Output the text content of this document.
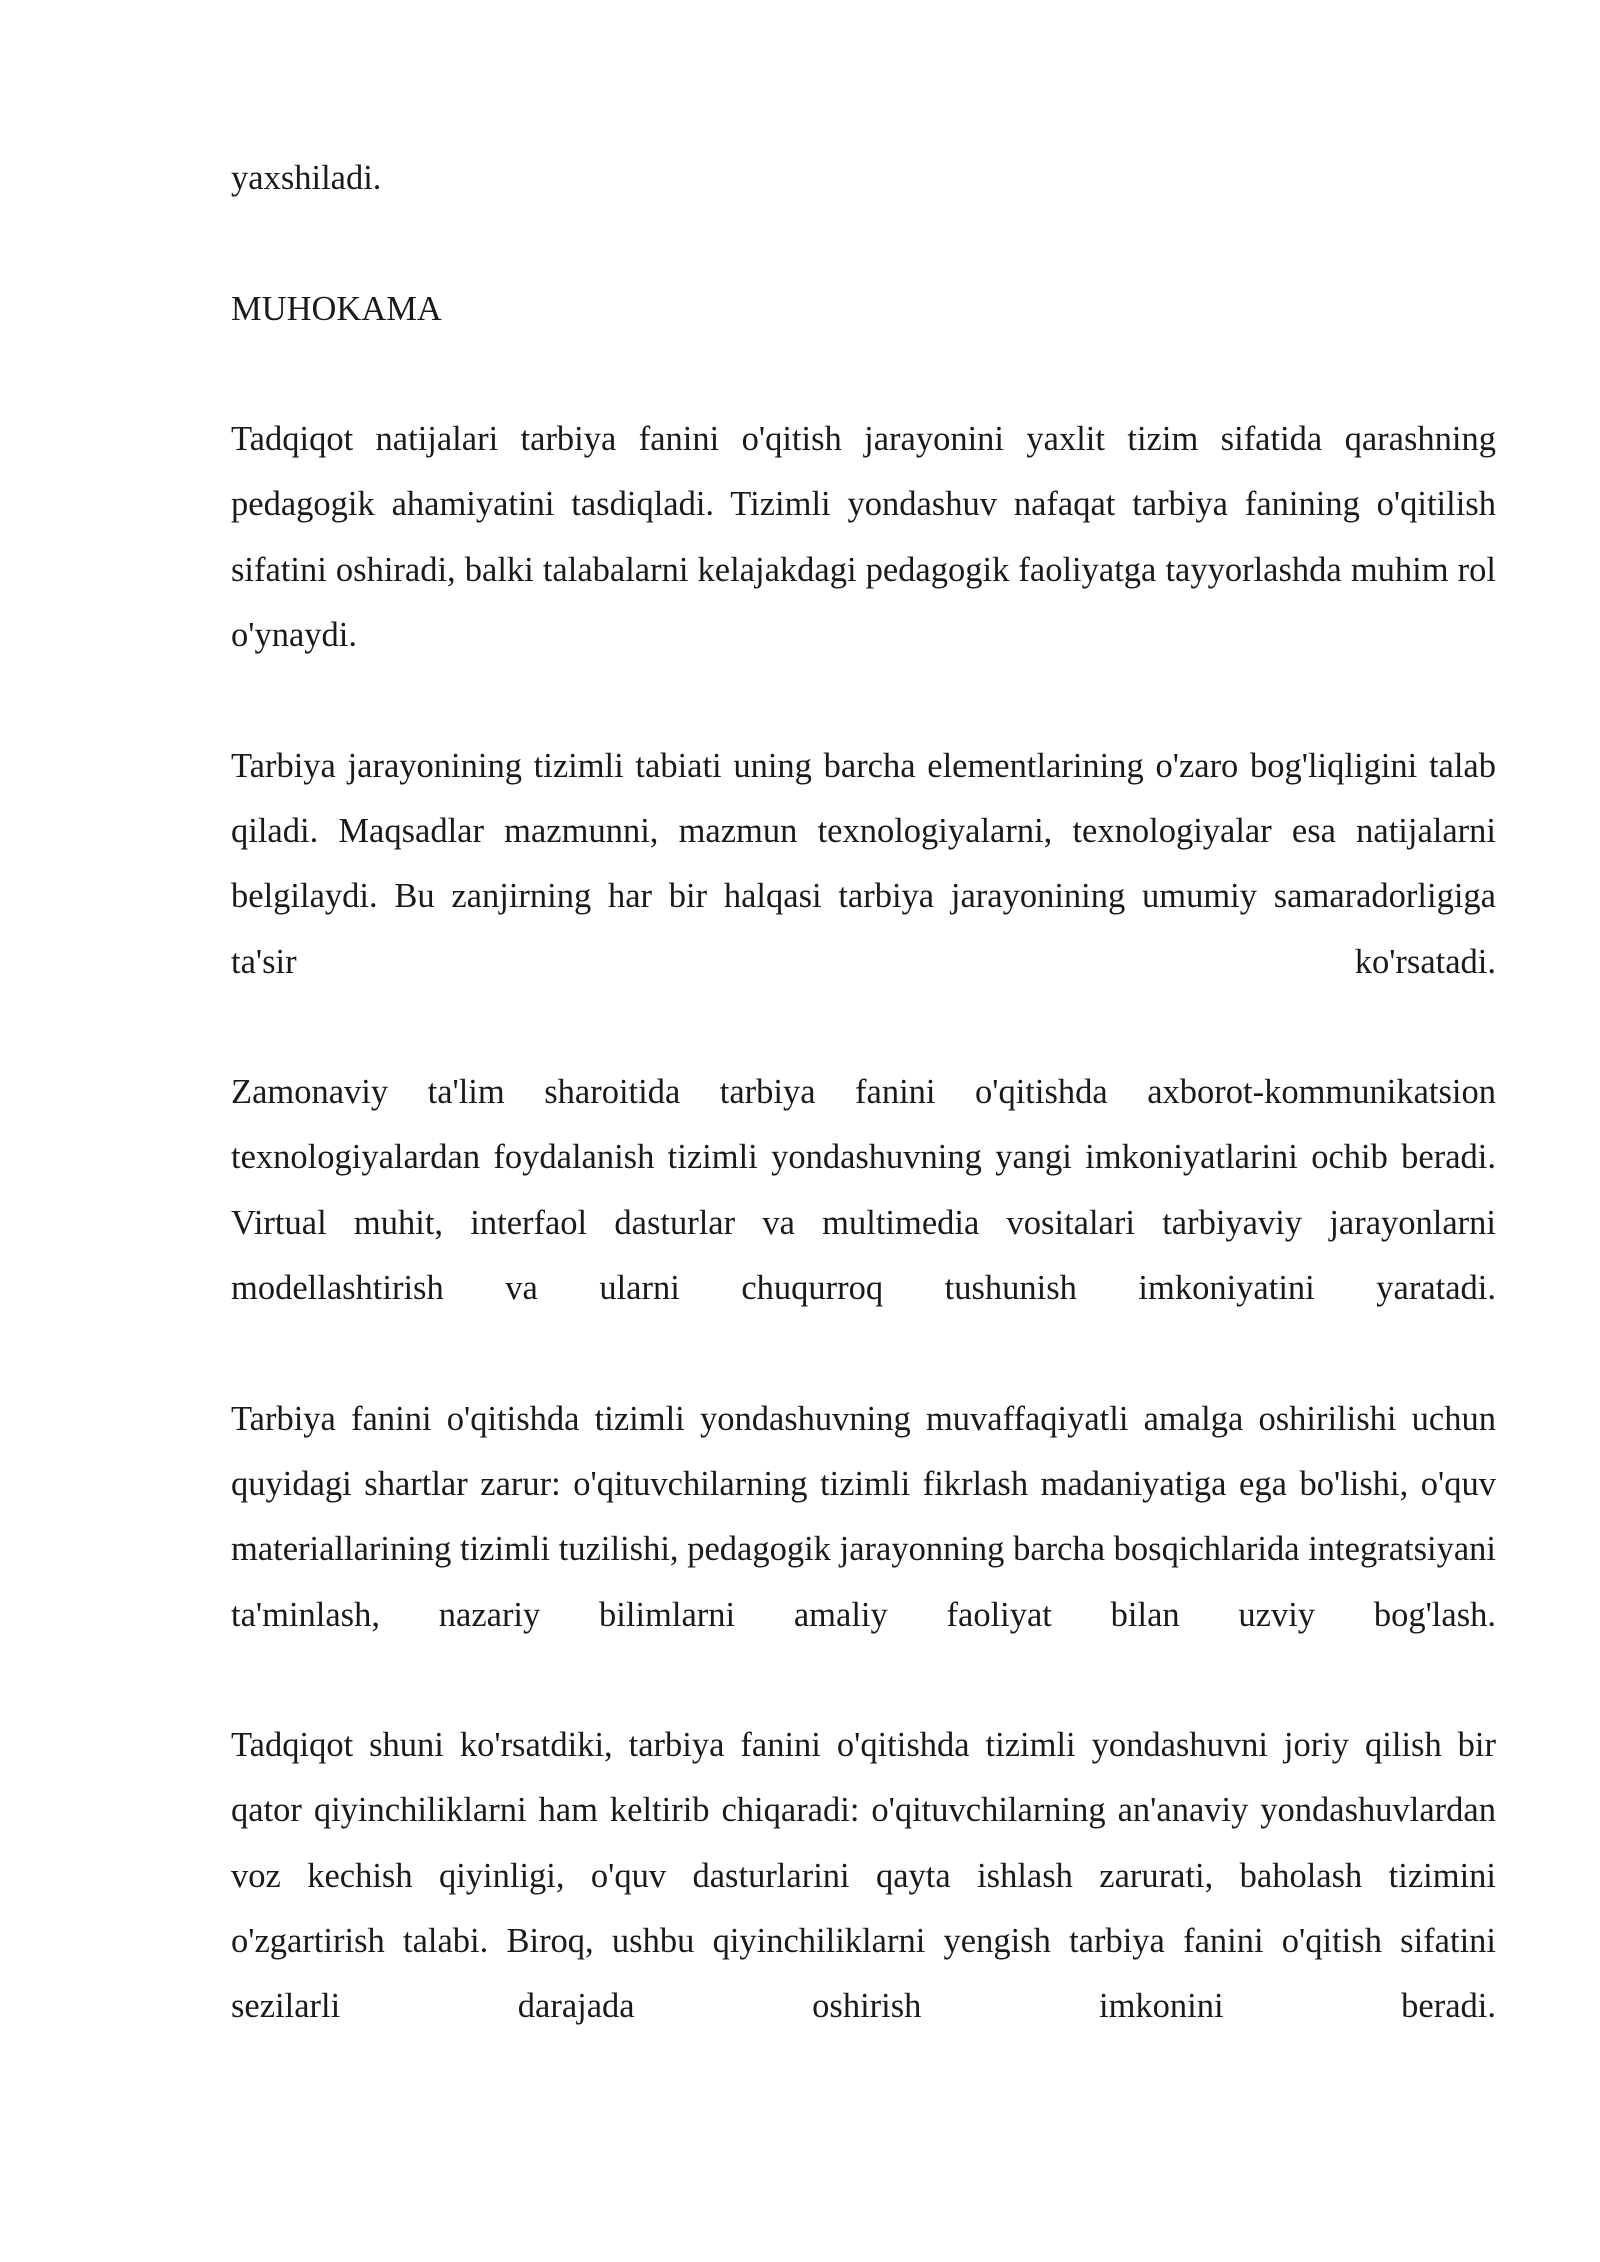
yaxshiladi.

MUHOKAMA

Tadqiqot natijalari tarbiya fanini o'qitish jarayonini yaxlit tizim sifatida qarashning pedagogik ahamiyatini tasdiqladi. Tizimli yondashuv nafaqat tarbiya fanining o'qitilish sifatini oshiradi, balki talabalarni kelajakdagi pedagogik faoliyatga tayyorlashda muhim rol o'ynaydi.

Tarbiya jarayonining tizimli tabiati uning barcha elementlarining o'zaro bog'liqligini talab qiladi. Maqsadlar mazmunni, mazmun texnologiyalarni, texnologiyalar esa natijalarni belgilaydi. Bu zanjirning har bir halqasi tarbiya jarayonining umumiy samaradorligiga ta'sir ko'rsatadi.

Zamonaviy ta'lim sharoitida tarbiya fanini o'qitishda axborot-kommunikatsion texnologiyalardan foydalanish tizimli yondashuvning yangi imkoniyatlarini ochib beradi. Virtual muhit, interfaol dasturlar va multimedia vositalari tarbiyaviy jarayonlarni modellashtirish va ularni chuqurroq tushunish imkoniyatini yaratadi.

Tarbiya fanini o'qitishda tizimli yondashuvning muvaffaqiyatli amalga oshirilishi uchun quyidagi shartlar zarur: o'qituvchilarning tizimli fikrlash madaniyatiga ega bo'lishi, o'quv materiallarining tizimli tuzilishi, pedagogik jarayonning barcha bosqichlarida integratsiyani ta'minlash, nazariy bilimlarni amaliy faoliyat bilan uzviy bog'lash.

Tadqiqot shuni ko'rsatdiki, tarbiya fanini o'qitishda tizimli yondashuvni joriy qilish bir qator qiyinchiliklarni ham keltirib chiqaradi: o'qituvchilarning an'anaviy yondashuvlardan voz kechish qiyinligi, o'quv dasturlarini qayta ishlash zarurati, baholash tizimini o'zgartirish talabi. Biroq, ushbu qiyinchiliklarni yengish tarbiya fanini o'qitish sifatini sezilarli darajada oshirish imkonini beradi.
